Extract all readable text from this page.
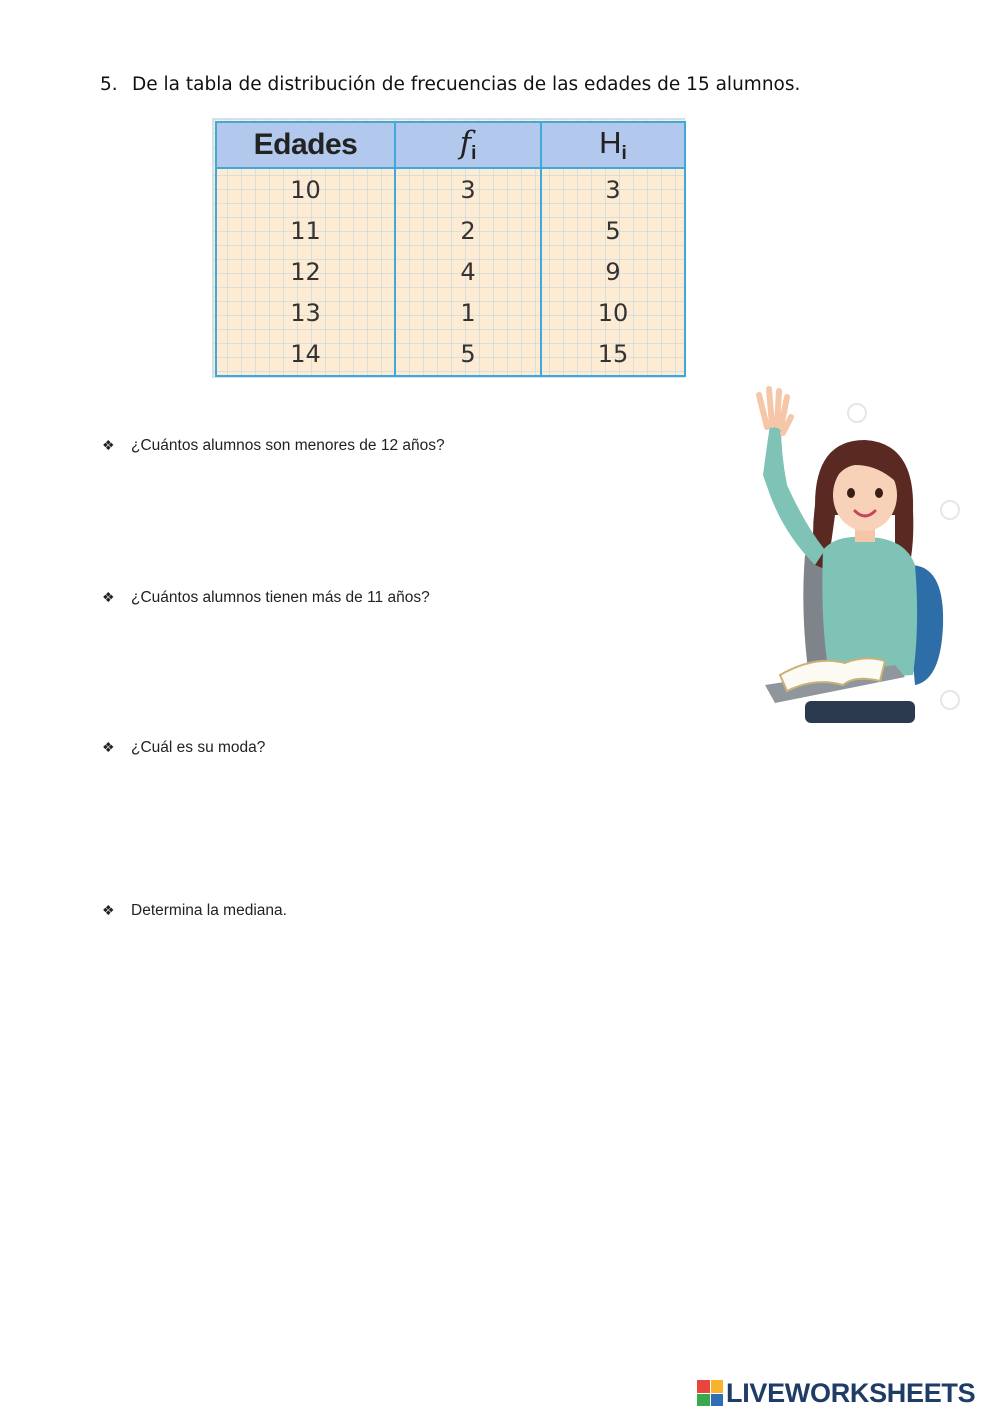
5. De la tabla de distribución de frecuencias de las edades de 15 alumnos.
Edades	$f_i$	$H_i$
10	3	3
11	2	5
12	4	9
13	1	10
14	5	15
❖ ¿Cuántos alumnos son menores de 12 años?
❖ ¿Cuántos alumnos tienen más de 11 años?
❖ ¿Cuál es su moda?
❖ Determina la mediana.
LIVEWORKSHEETS
